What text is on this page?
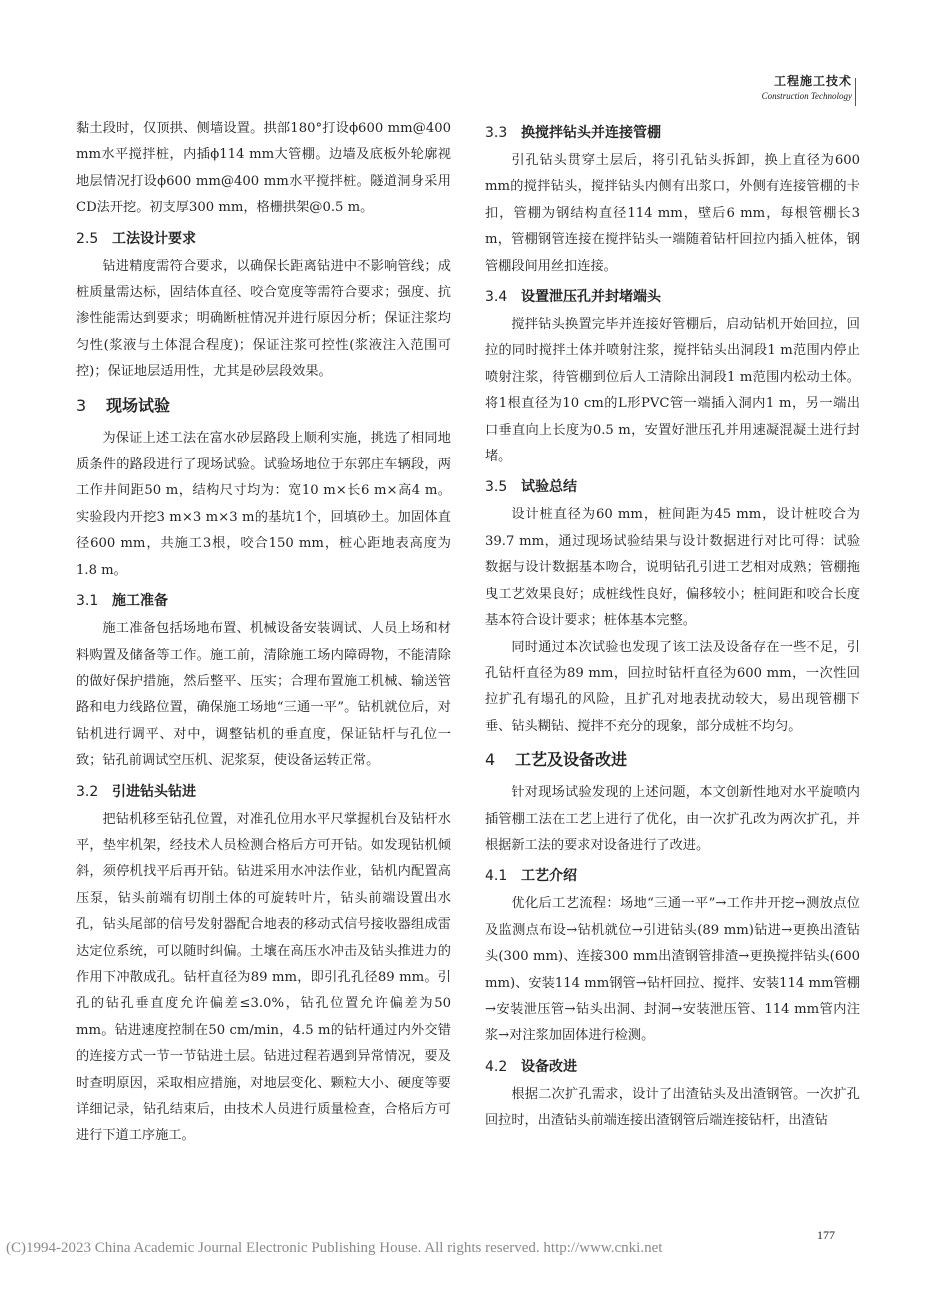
工程施工技术
Construction Technology

黏土段时，仅顶拱、侧墙设置。拱部180°打设ϕ600 mm@400 mm水平搅拌桩，内插ϕ114 mm大管棚。边墙及底板外轮廓视地层情况打设ϕ600 mm@400 mm水平搅拌桩。隧道洞身采用CD法开挖。初支厚300 mm，格栅拱架@0.5 m。

2.5 工法设计要求

钻进精度需符合要求，以确保长距离钻进中不影响管线；成桩质量需达标，固结体直径、咬合宽度等需符合要求；强度、抗渗性能需达到要求；明确断桩情况并进行原因分析；保证注浆均匀性(浆液与土体混合程度)；保证注浆可控性(浆液注入范围可控)；保证地层适用性，尤其是砂层段效果。

3 现场试验

为保证上述工法在富水砂层路段上顺利实施，挑选了相同地质条件的路段进行了现场试验。试验场地位于东郭庄车辆段，两工作井间距50 m，结构尺寸均为：宽10 m×长6 m×高4 m。实验段内开挖3 m×3 m×3 m的基坑1个，回填砂土。加固体直径600 mm，共施工3根，咬合150 mm，桩心距地表高度为1.8 m。

3.1 施工准备

施工准备包括场地布置、机械设备安装调试、人员上场和材料购置及储备等工作。施工前，清除施工场内障碍物，不能清除的做好保护措施，然后整平、压实；合理布置施工机械、输送管路和电力线路位置，确保施工场地“三通一平”。钻机就位后，对钻机进行调平、对中，调整钻机的垂直度，保证钻杆与孔位一致；钻孔前调试空压机、泥浆泵，使设备运转正常。

3.2 引进钻头钻进

把钻机移至钻孔位置，对准孔位用水平尺掌握机台及钻杆水平，垫牢机架，经技术人员检测合格后方可开钻。如发现钻机倾斜，须停机找平后再开钻。钻进采用水冲法作业，钻机内配置高压泵，钻头前端有切削土体的可旋转叶片，钻头前端设置出水孔，钻头尾部的信号发射器配合地表的移动式信号接收器组成雷达定位系统，可以随时纠偏。土壤在高压水冲击及钻头推进力的作用下冲散成孔。钻杆直径为89 mm，即引孔孔径89 mm。引孔的钻孔垂直度允许偏差≤3.0%，钻孔位置允许偏差为50 mm。钻进速度控制在50 cm/min，4.5 m的钻杆通过内外交错的连接方式一节一节钻进土层。钻进过程若遇到异常情况，要及时查明原因，采取相应措施，对地层变化、颗粒大小、硬度等要详细记录，钻孔结束后，由技术人员进行质量检查，合格后方可进行下道工序施工。

3.3 换搅拌钻头并连接管棚

引孔钻头贯穿土层后，将引孔钻头拆卸，换上直径为600 mm的搅拌钻头，搅拌钻头内侧有出浆口，外侧有连接管棚的卡扣，管棚为钢结构直径114 mm，壁后6 mm，每根管棚长3 m，管棚钢管连接在搅拌钻头一端随着钻杆回拉内插入桩体，钢管棚段间用丝扣连接。

3.4 设置泄压孔并封堵端头

搅拌钻头换置完毕并连接好管棚后，启动钻机开始回拉，回拉的同时搅拌土体并喷射注浆，搅拌钻头出洞段1 m范围内停止喷射注浆，待管棚到位后人工清除出洞段1 m范围内松动土体。将1根直径为10 cm的L形PVC管一端插入洞内1 m，另一端出口垂直向上长度为0.5 m，安置好泄压孔并用速凝混凝土进行封堵。

3.5 试验总结

设计桩直径为60 mm，桩间距为45 mm，设计桩咬合为39.7 mm，通过现场试验结果与设计数据进行对比可得：试验数据与设计数据基本吻合，说明钻孔引进工艺相对成熟；管棚拖曳工艺效果良好；成桩线性良好，偏移较小；桩间距和咬合长度基本符合设计要求；桩体基本完整。

同时通过本次试验也发现了该工法及设备存在一些不足，引孔钻杆直径为89 mm，回拉时钻杆直径为600 mm，一次性回拉扩孔有塌孔的风险，且扩孔对地表扰动较大，易出现管棚下垂、钻头糊钻、搅拌不充分的现象，部分成桩不均匀。

4 工艺及设备改进

针对现场试验发现的上述问题，本文创新性地对水平旋喷内插管棚工法在工艺上进行了优化，由一次扩孔改为两次扩孔，并根据新工法的要求对设备进行了改进。

4.1 工艺介绍

优化后工艺流程：场地“三通一平”→工作井开挖→测放点位及监测点布设→钻机就位→引进钻头(89 mm)钻进→更换出渣钻头(300 mm)、连接300 mm出渣钢管排渣→更换搅拌钻头(600 mm)、安装114 mm钢管→钻杆回拉、搅拌、安装114 mm管棚→安装泄压管→钻头出洞、封洞→安装泄压管、114 mm管内注浆→对注浆加固体进行检测。

4.2 设备改进

根据二次扩孔需求，设计了出渣钻头及出渣钢管。一次扩孔回拉时，出渣钻头前端连接出渣钢管后端连接钻杆，出渣钻

177
(C)1994-2023 China Academic Journal Electronic Publishing House. All rights reserved. http://www.cnki.net
